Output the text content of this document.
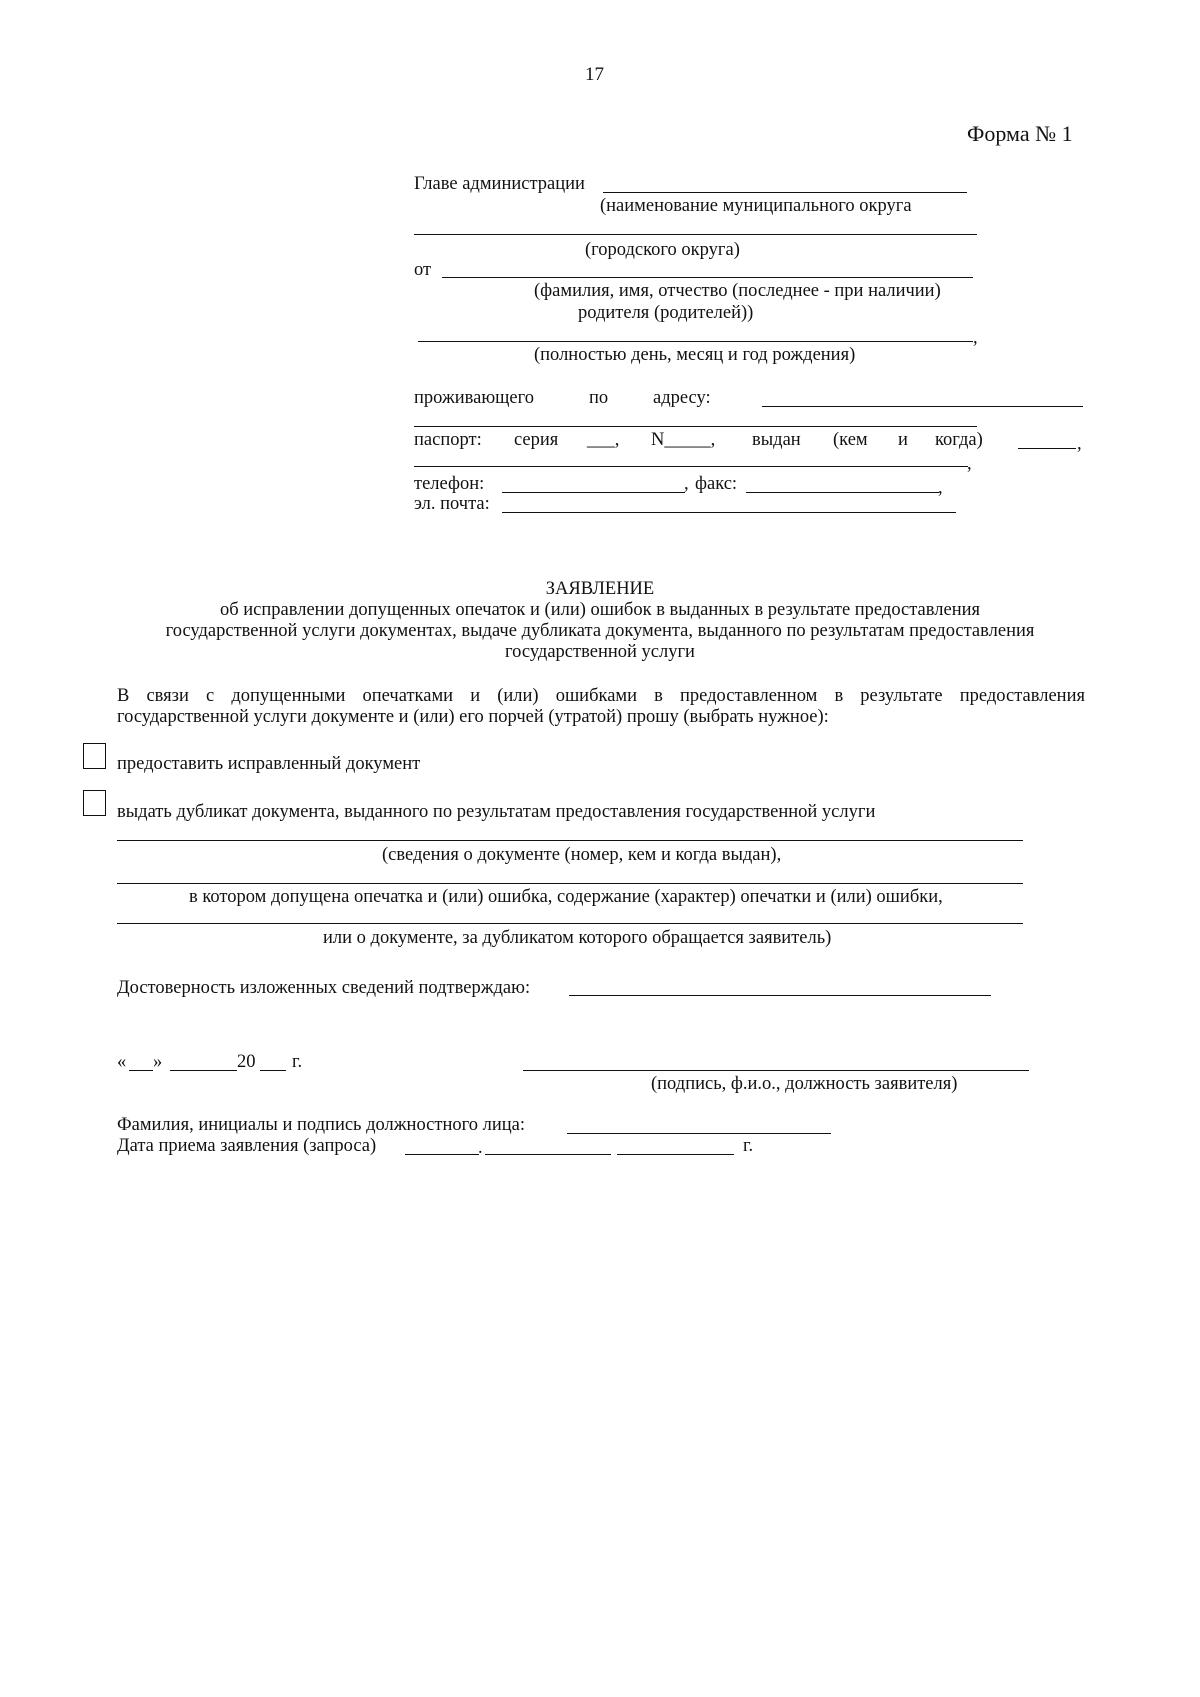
17
Форма № 1
Главе администрации
(наименование муниципального округа
(городского округа)
от
(фамилия, имя, отчество (последнее - при наличии)
родителя (родителей))
,
(полностью день, месяц и год рождения)
проживающего	по адресу:
паспорт: серия ___, N_____, выдан (кем и когда)	,
,
телефон:	, факс:	,
эл. почта:
ЗАЯВЛЕНИЕ
об исправлении допущенных опечаток и (или) ошибок в выданных в результате предоставления
государственной услуги документах, выдаче дубликата документа, выданного по результатам предоставления
государственной услуги
В связи с допущенными опечатками и (или) ошибками в предоставленном в результате предоставления
государственной услуги документе и (или) его порчей (утратой) прошу (выбрать нужное):
предоставить исправленный документ
выдать дубликат документа, выданного по результатам предоставления государственной услуги
(сведения о документе (номер, кем и когда выдан),
в котором допущена опечатка и (или) ошибка, содержание (характер) опечатки и (или) ошибки,
или о документе, за дубликатом которого обращается заявитель)
Достоверность изложенных сведений подтверждаю:
« »	20 г.
(подпись, ф.и.о., должность заявителя)
Фамилия, инициалы и подпись должностного лица:
Дата приема заявления (запроса)	.	г.
